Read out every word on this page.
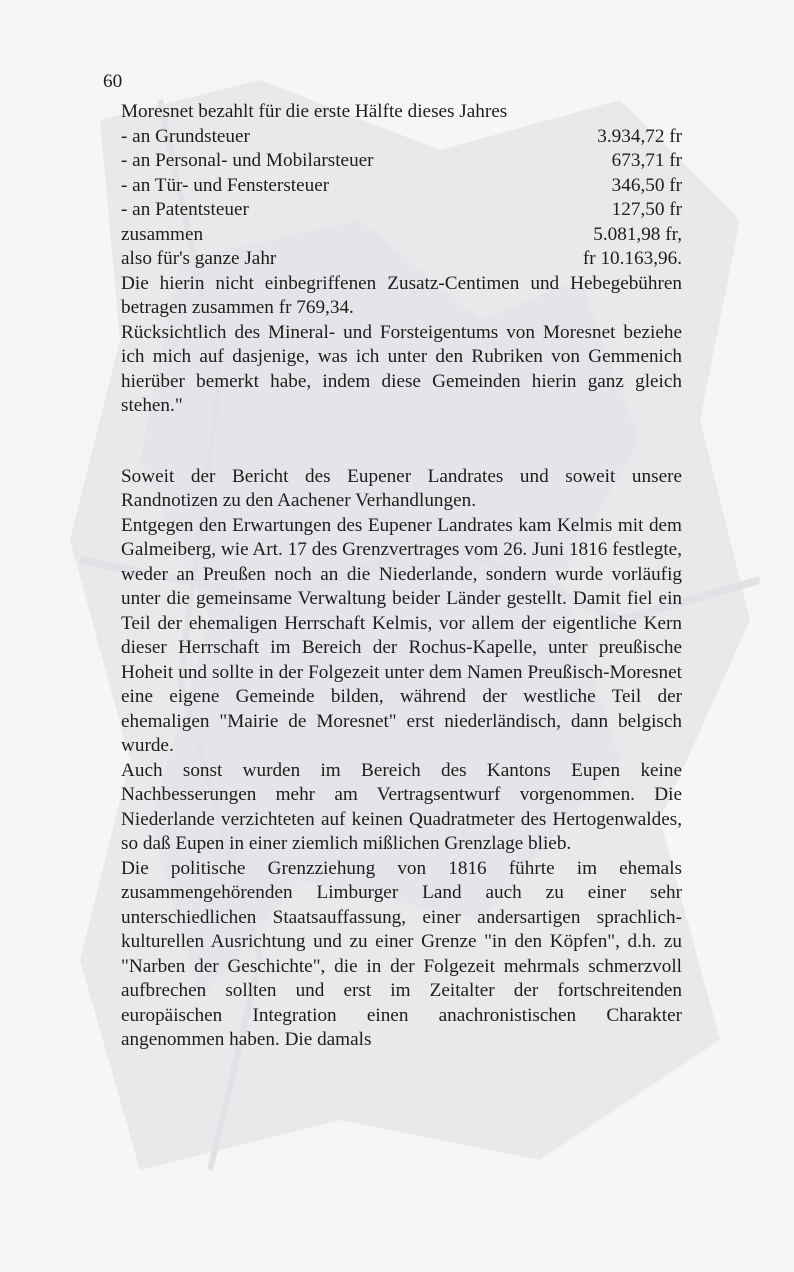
60
Moresnet bezahlt für die erste Hälfte dieses Jahres
- an Grundsteuer	3.934,72 fr
- an Personal- und Mobilarsteuer	673,71 fr
- an Tür- und Fenstersteuer	346,50 fr
- an Patentsteuer	127,50 fr
zusammen	5.081,98 fr,
also für's ganze Jahr	fr 10.163,96.

Die hierin nicht einbegriffenen Zusatz-Centimen und Hebegebühren betragen zusammen fr 769,34.

Rücksichtlich des Mineral- und Forsteigentums von Moresnet beziehe ich mich auf dasjenige, was ich unter den Rubriken von Gemmenich hierüber bemerkt habe, indem diese Gemeinden hierin ganz gleich stehen."

Soweit der Bericht des Eupener Landrates und soweit unsere Randnotizen zu den Aachener Verhandlungen.

Entgegen den Erwartungen des Eupener Landrates kam Kelmis mit dem Galmeiberg, wie Art. 17 des Grenzvertrages vom 26. Juni 1816 festlegte, weder an Preußen noch an die Niederlande, sondern wurde vorläufig unter die gemeinsame Verwaltung beider Länder gestellt. Damit fiel ein Teil der ehemaligen Herrschaft Kelmis, vor allem der eigentliche Kern dieser Herrschaft im Bereich der Rochus-Kapelle, unter preußische Hoheit und sollte in der Folgezeit unter dem Namen Preußisch-Moresnet eine eigene Gemeinde bilden, während der westliche Teil der ehemaligen "Mairie de Moresnet" erst niederländisch, dann belgisch wurde.

Auch sonst wurden im Bereich des Kantons Eupen keine Nachbesserungen mehr am Vertragsentwurf vorgenommen. Die Niederlande verzichteten auf keinen Quadratmeter des Hertogenwaldes, so daß Eupen in einer ziemlich mißlichen Grenzlage blieb.

Die politische Grenzziehung von 1816 führte im ehemals zusammengehörenden Limburger Land auch zu einer sehr unterschiedlichen Staatsauffassung, einer andersartigen sprachlich-kulturellen Ausrichtung und zu einer Grenze "in den Köpfen", d.h. zu "Narben der Geschichte", die in der Folgezeit mehrmals schmerzvoll aufbrechen sollten und erst im Zeitalter der fortschreitenden europäischen Integration einen anachronistischen Charakter angenommen haben. Die damals
